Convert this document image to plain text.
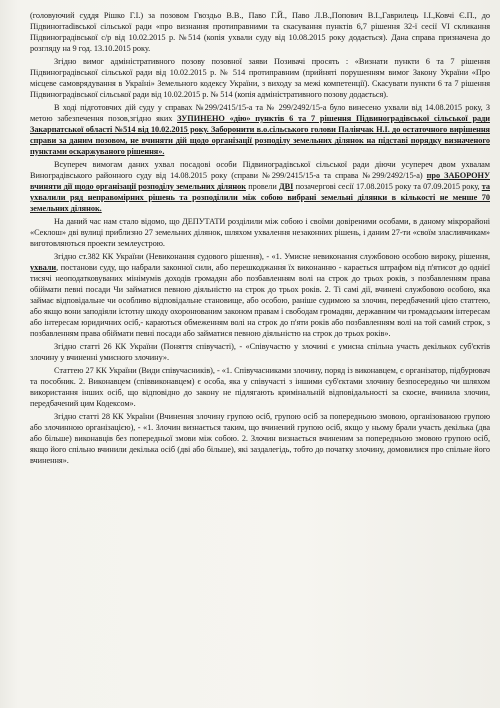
(головуючий суддя Рішко Г.І.) за позовом Гвоздьо В.В., Паво Г.Й., Паво Л.В.,Попович В.І.,Гаврилець І.І.,Ковчі Є.П., до Підвиногradівської сільської ради «про визнання протиправними та скасування пунктів 6,7 рішення 32-ї сесії VI скликання Підвиноградівської с/р від 10.02.2015 р. №514 (копія ухвали суду від 10.08.2015 року додається). Дана справа призначена до розгляду на 9 год. 13.10.2015 року.

Згідно вимог адміністративного позову позовної заяви Позивачі просять : «Визнати пункти 6 та 7 рішення Підвиноградівської сільської ради від 10.02.2015 р. № 514 протиправним (прийняті порушенням вимог Закону України «Про місцеве самоврядування в Україні» Земельного кодексу України, з виходу за межі компетенції). Скасувати пункти 6 та 7 рішення Підвиноградівської сільської ради від 10.02.2015 р. № 514 (копія адміністративного позову додається).

В ході підготовчих дій суду у справах №299/2415/15-а та № 299/2492/15-а було винесено ухвали від 14.08.2015 року, З метою забезпечення позов,згідно яких ЗУПИНЕНО «дію» пунктів 6 та 7 рішення Підвиноградівської сільської ради Закарпатської області №514 від 10.02.2015 року. Заборонити в.о.сільського голови Палінчак Н.І. до остаточного вирішення справи за даним позовом, не вчиняти дій щодо організації розподілу земельних ділянок на підставі порядку визначеного пунктами оскаржуваного рішення».

Всупереч вимогам даних ухвал посадові особи Підвиноградівської сільської ради діючи усупереч двом ухвалам Виноградівського районного суду від 14.08.2015 року (справи №299/2415/15-а та справа №299/2492/15-а) про ЗАБОРОНУ вчиняти дії щодо організації розподілу земельних ділянок провели ДВІ позачергові сесії 17.08.2015 року та 07.09.2015 року, та ухвалили ряд неправомірних рішень та розподілили між собою вибрані земельні ділянки в кількості не менше 70 земельних ділянок.

На даний час нам стало відомо, що ДЕПУТАТИ розділили між собою і своїми довіреними особами, в даному мікрорайоні «Секлош» дві вулиці приблизно 27 земельних ділянок, шляхом ухвалення незаконних рішень, і даним 27-ти «своїм зласливчикам» виготовляються проекти землеустрою.

Згідно ст.382 КК України (Невиконання судового рішення), - «1. Умисне невиконання службовою особою вироку, рішення, ухвали, постанови суду, що набрали законної сили, або перешкоджання їх виконанню - карається штрафом від п'ятисот до однієї тисячі неоподатковуваних мінімумів доходів громадян або позбавленням волі на строк до трьох років, з позбавленням права обіймати певні посади Чи займатися певною діяльністю на строк до трьох років. 2. Ті самі дії, вчинені службовою особою, яка займає відповідальне чи особливо відповідальне становище, або особою, раніше судимою за злочин, передбачений цією статтею, або якщо вони заподіяли істотну шкоду охоронюваним законом правам і свободам громадян, державним чи громадським інтересам або інтересам юридичних осіб,- караються обмеженням волі на строк до п'яти років або позбавленням волі на той самий строк, з позбавленням права обіймати певні посади або займатися певною діяльністю на строк до трьох років».

Згідно статті 26 КК України (Поняття співучасті), - «Співучастю у злочині є умисна спільна участь декількох суб'єктів злочину у вчиненні умисного злочину».

Статтею 27 КК України (Види співучасників), - «1. Співучасниками злочину, поряд із виконавцем, є організатор, підбурювач та пособник. 2. Виконавцем (співвиконавцем) є особа, яка у співучасті з іншими суб'єктами злочину безпосередньо чи шляхом використання інших осіб, що відповідно до закону не підлягають кримінальній відповідальності за скоєне, вчинила злочин, передбачений цим Кодексом».

Згідно статті 28 КК України (Вчинення злочину групою осіб, групою осіб за попередньою змовою, організованою групою або злочинною організацією), - «1. Злочин визнається таким, що вчинений групою осіб, якщо у ньому брали участь декілька (два або більше) виконавців без попередньої змови між собою. 2. Злочин визнається вчиненим за попередньою змовою групою осіб, якщо його спільно вчинили декілька осіб (дві або більше), які заздалегідь, тобто до початку злочину, домовилися про спільне його вчинення».
